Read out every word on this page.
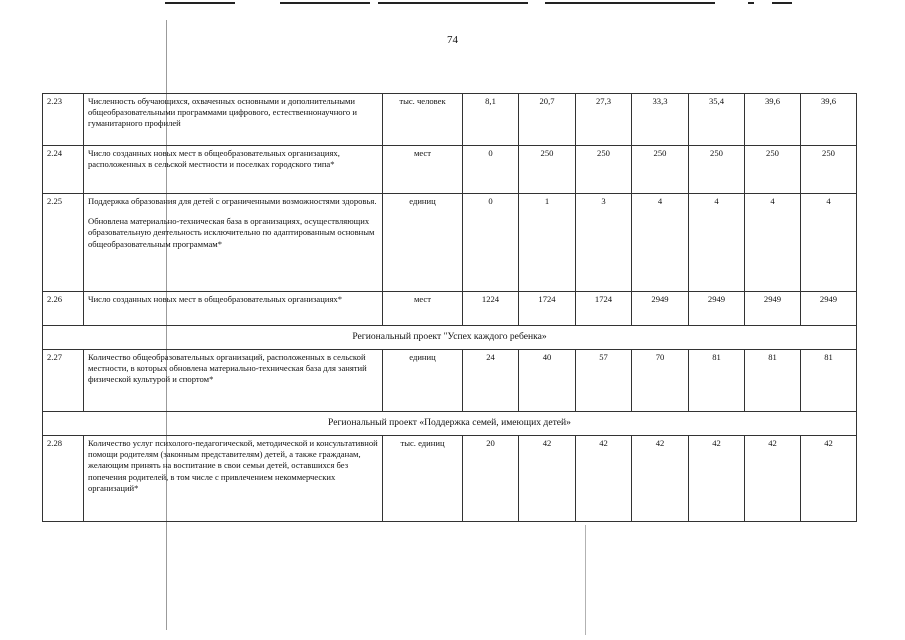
74
2.23	Численность обучающихся, охваченных основными и дополнительными общеобразовательными программами цифрового, естественнонаучного и гуманитарного профилей	тыс. человек	8,1	20,7	27,3	33,3	35,4	39,6	39,6
2.24	Число созданных новых мест в общеобразовательных организациях, расположенных в сельской местности и поселках городского типа*	мест	0	250	250	250	250	250	250
2.25	Поддержка образования для детей с ограниченными возможностями здоровья.

Обновлена материально-техническая база в организациях, осуществляющих образовательную деятельность исключительно по адаптированным основным общеобразовательным программам*	единиц	0	1	3	4	4	4	4
2.26	Число созданных новых мест в общеобразовательных организациях*	мест	1224	1724	1724	2949	2949	2949	2949
Региональный проект "Успех каждого ребенка»									
2.27	Количество общеобразовательных организаций, расположенных в сельской местности, в которых обновлена материально-техническая база для занятий физической культурой и спортом*	единиц	24	40	57	70	81	81	81
Региональный проект «Поддержка семей, имеющих детей»									
2.28	Количество услуг психолого-педагогической, методической и консультативной помощи родителям (законным представителям) детей, а также гражданам, желающим принять на воспитание в свои семьи детей, оставшихся без попечения родителей, в том числе с привлечением некоммерческих организаций*	тыс. единиц	20	42	42	42	42	42	42
